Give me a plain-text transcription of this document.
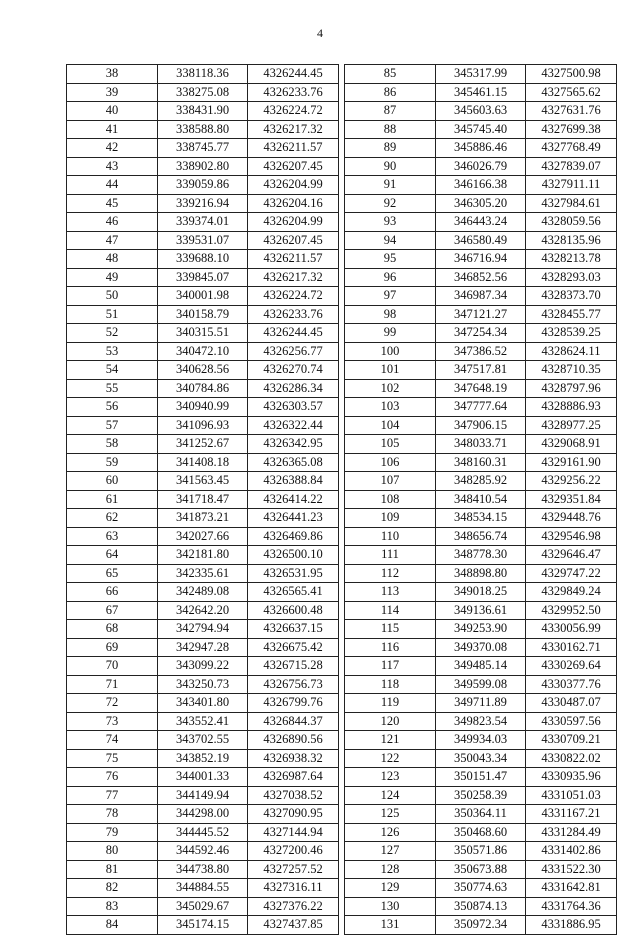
4
38	338118.36	4326244.45
39	338275.08	4326233.76
40	338431.90	4326224.72
41	338588.80	4326217.32
42	338745.77	4326211.57
43	338902.80	4326207.45
44	339059.86	4326204.99
45	339216.94	4326204.16
46	339374.01	4326204.99
47	339531.07	4326207.45
48	339688.10	4326211.57
49	339845.07	4326217.32
50	340001.98	4326224.72
51	340158.79	4326233.76
52	340315.51	4326244.45
53	340472.10	4326256.77
54	340628.56	4326270.74
55	340784.86	4326286.34
56	340940.99	4326303.57
57	341096.93	4326322.44
58	341252.67	4326342.95
59	341408.18	4326365.08
60	341563.45	4326388.84
61	341718.47	4326414.22
62	341873.21	4326441.23
63	342027.66	4326469.86
64	342181.80	4326500.10
65	342335.61	4326531.95
66	342489.08	4326565.41
67	342642.20	4326600.48
68	342794.94	4326637.15
69	342947.28	4326675.42
70	343099.22	4326715.28
71	343250.73	4326756.73
72	343401.80	4326799.76
73	343552.41	4326844.37
74	343702.55	4326890.56
75	343852.19	4326938.32
76	344001.33	4326987.64
77	344149.94	4327038.52
78	344298.00	4327090.95
79	344445.52	4327144.94
80	344592.46	4327200.46
81	344738.80	4327257.52
82	344884.55	4327316.11
83	345029.67	4327376.22
84	345174.15	4327437.85
85	345317.99	4327500.98
86	345461.15	4327565.62
87	345603.63	4327631.76
88	345745.40	4327699.38
89	345886.46	4327768.49
90	346026.79	4327839.07
91	346166.38	4327911.11
92	346305.20	4327984.61
93	346443.24	4328059.56
94	346580.49	4328135.96
95	346716.94	4328213.78
96	346852.56	4328293.03
97	346987.34	4328373.70
98	347121.27	4328455.77
99	347254.34	4328539.25
100	347386.52	4328624.11
101	347517.81	4328710.35
102	347648.19	4328797.96
103	347777.64	4328886.93
104	347906.15	4328977.25
105	348033.71	4329068.91
106	348160.31	4329161.90
107	348285.92	4329256.22
108	348410.54	4329351.84
109	348534.15	4329448.76
110	348656.74	4329546.98
111	348778.30	4329646.47
112	348898.80	4329747.22
113	349018.25	4329849.24
114	349136.61	4329952.50
115	349253.90	4330056.99
116	349370.08	4330162.71
117	349485.14	4330269.64
118	349599.08	4330377.76
119	349711.89	4330487.07
120	349823.54	4330597.56
121	349934.03	4330709.21
122	350043.34	4330822.02
123	350151.47	4330935.96
124	350258.39	4331051.03
125	350364.11	4331167.21
126	350468.60	4331284.49
127	350571.86	4331402.86
128	350673.88	4331522.30
129	350774.63	4331642.81
130	350874.13	4331764.36
131	350972.34	4331886.95
